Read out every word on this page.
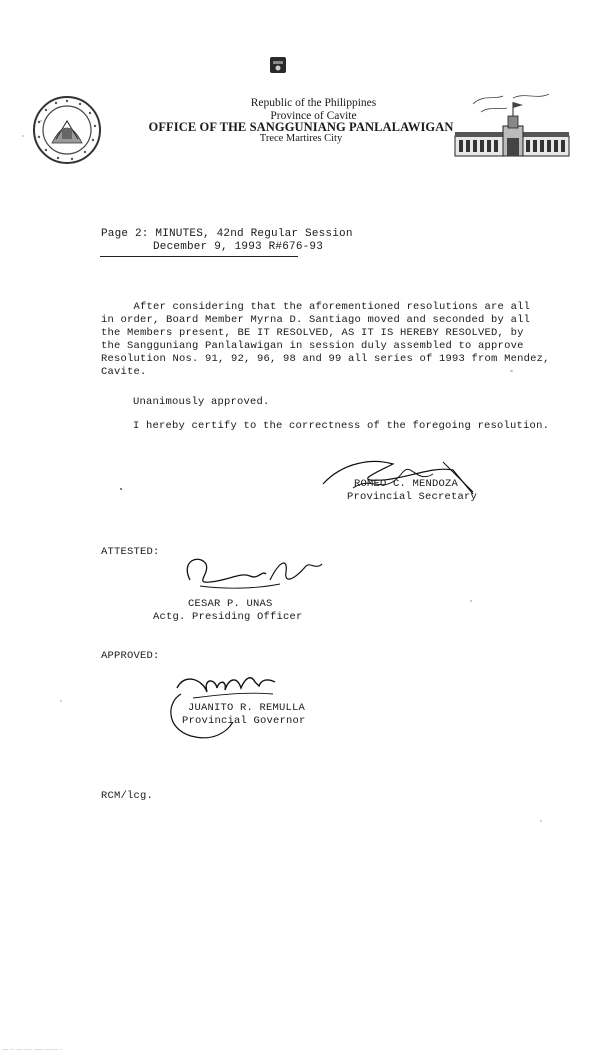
Republic of the Philippines
Province of Cavite
OFFICE OF THE SANGGUNIANG PANLALAWIGAN
Trece Martires City
Page 2: MINUTES, 42nd Regular Session
December 9, 1993 R#676-93
After considering that the aforementioned resolutions are all
in order, Board Member Myrna D. Santiago moved and seconded by all
the Members present, BE IT RESOLVED, AS IT IS HEREBY RESOLVED, by
the Sangguniang Panlalawigan in session duly assembled to approve
Resolution Nos. 91, 92, 96, 98 and 99 all series of 1993 from Mendez,
Cavite.
Unanimously approved.
I hereby certify to the correctness of the foregoing resolution.
ROMEO C. MENDOZA
Provincial Secretary
ATTESTED:
CESAR P. UNAS
Actg. Presiding Officer
APPROVED:
JUANITO R. REMULLA
Provincial Governor
RCM/lcg.
.... ... .... ..... ...... ......... .
